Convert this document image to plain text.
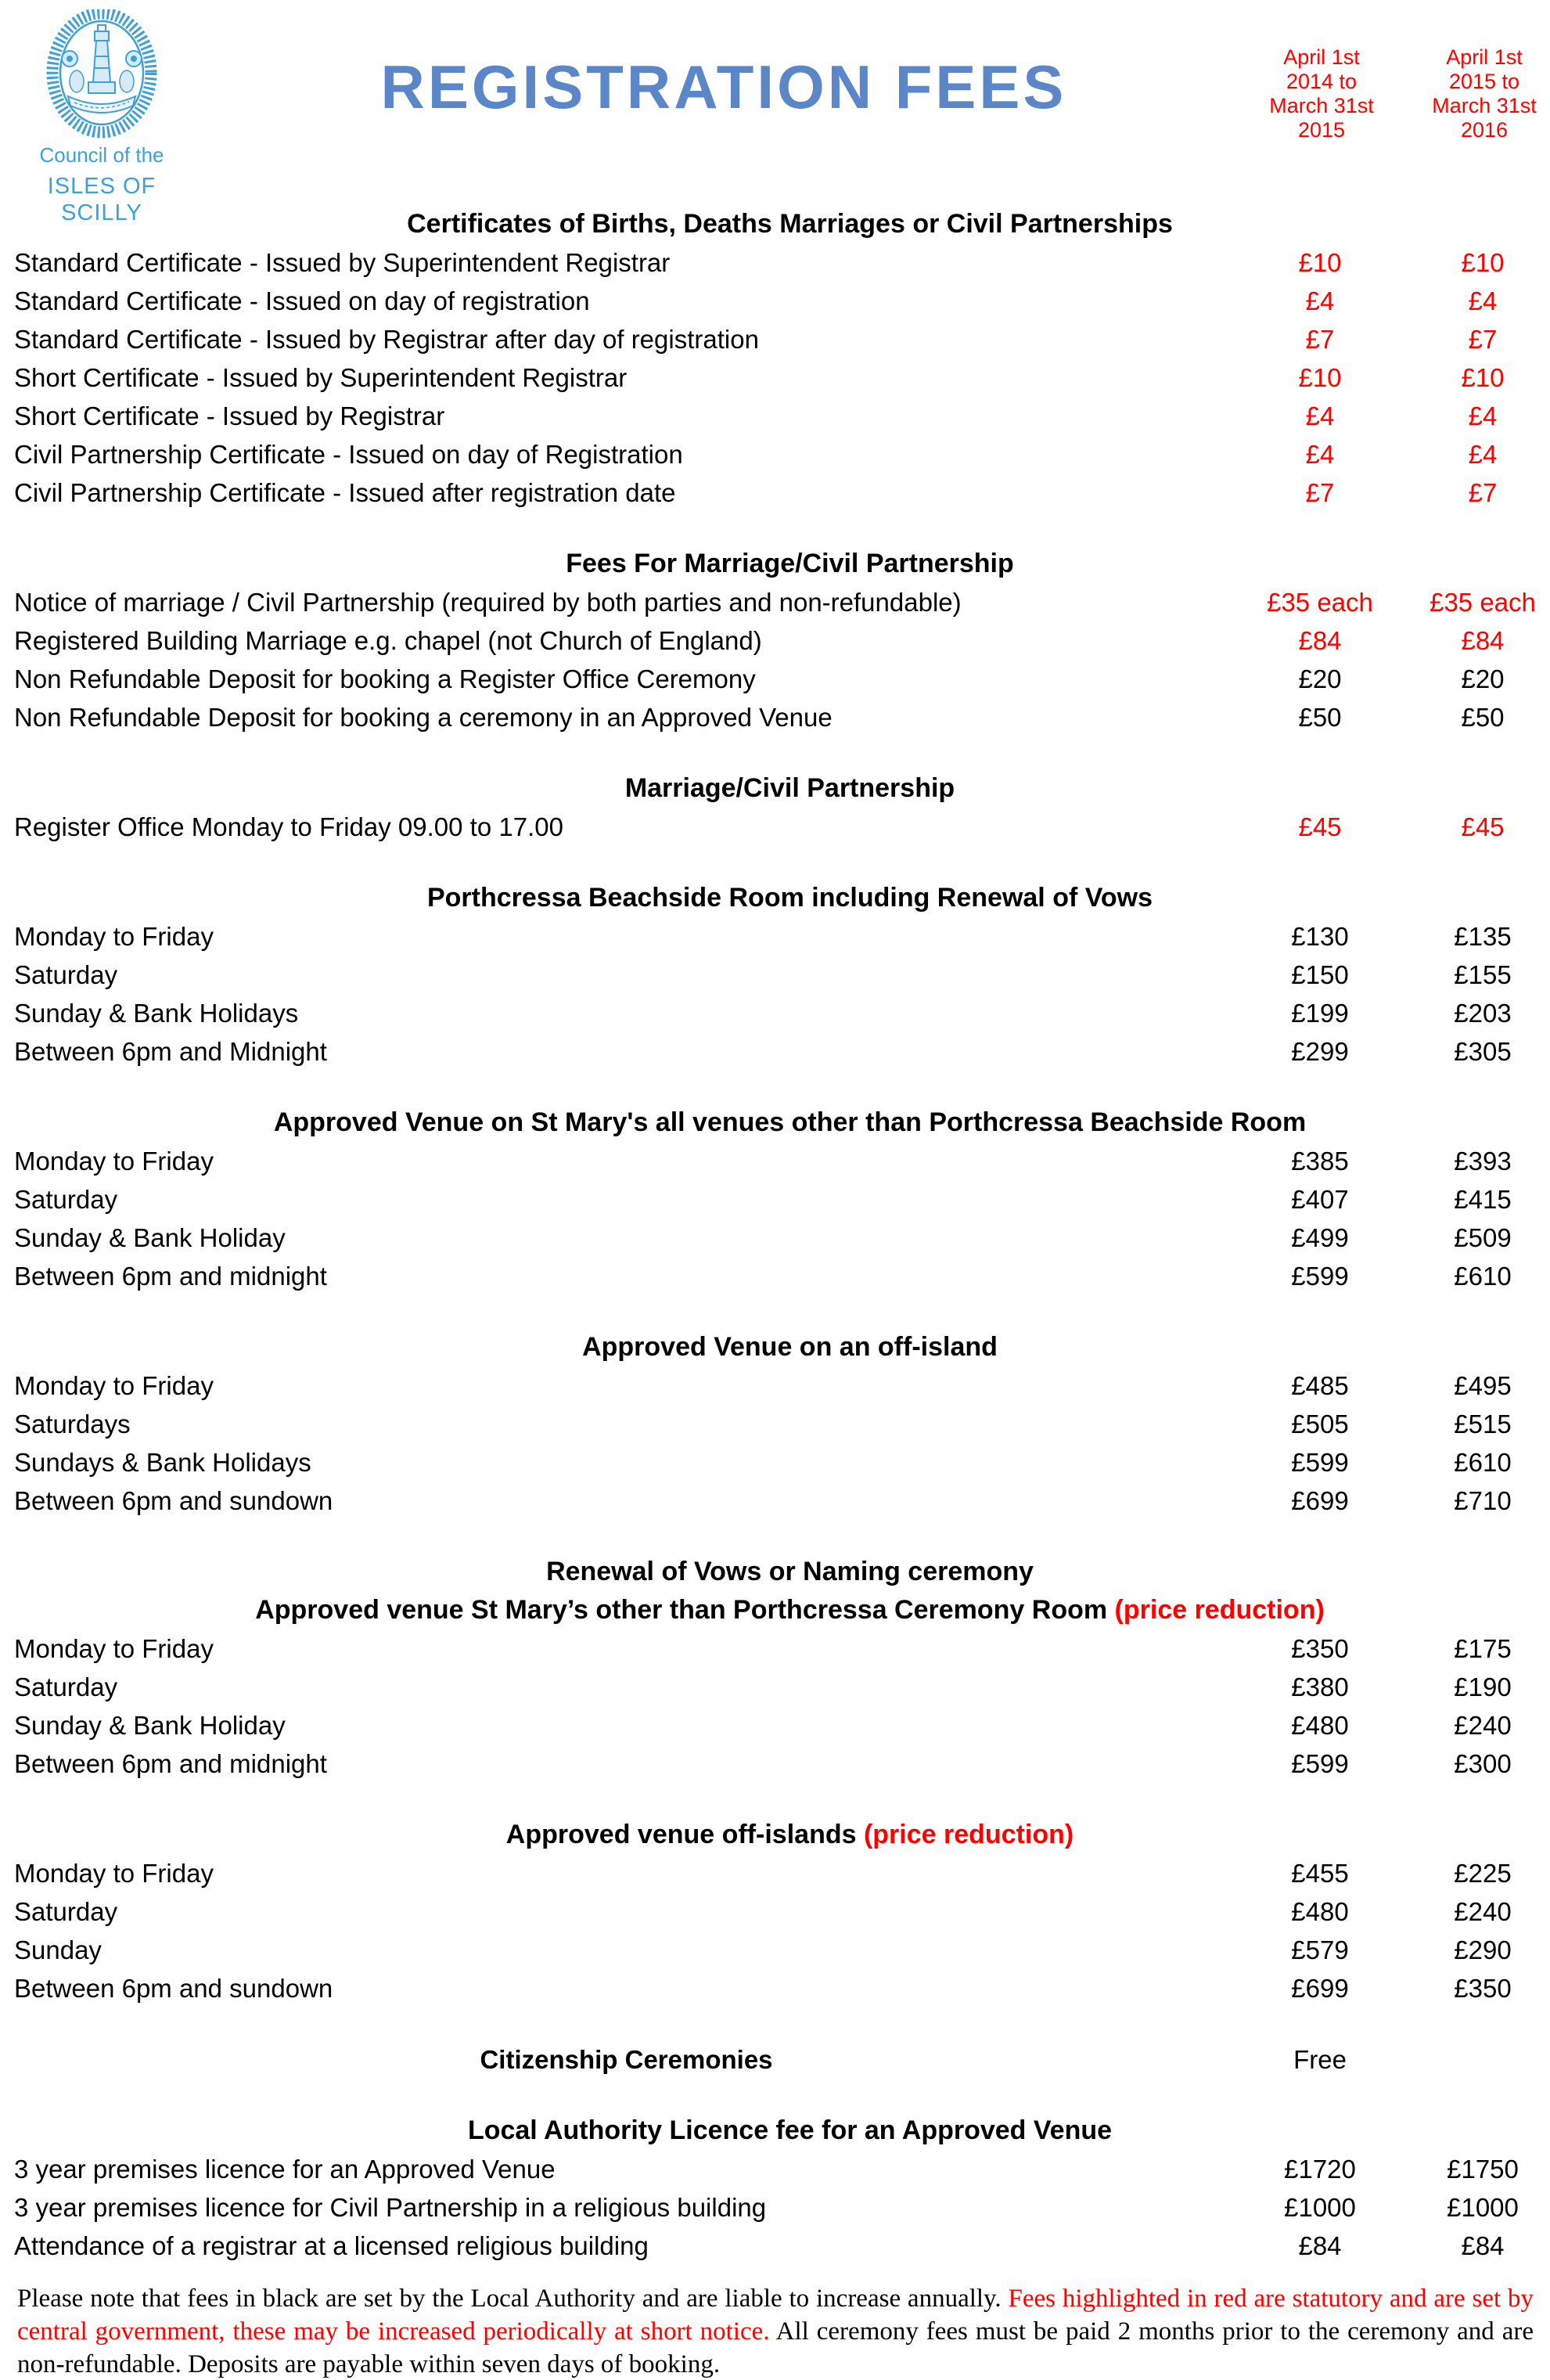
Council of the
ISLES OF SCILLY
REGISTRATION FEES	April 1st
2014 to
March 31st
2015
April 1st
2015 to
March 31st
2016
Certificates of Births, Deaths Marriages or Civil Partnerships
Standard Certificate - Issued by Superintendent Registrar	£10	£10
Standard Certificate - Issued on day of registration	£4	£4
Standard Certificate - Issued by Registrar after day of registration	£7	£7
Short Certificate - Issued by Superintendent Registrar	£10	£10
Short Certificate - Issued by Registrar	£4	£4
Civil Partnership Certificate - Issued on day of Registration	£4	£4
Civil Partnership Certificate - Issued after registration date	£7	£7
Fees For Marriage/Civil Partnership
Notice of marriage / Civil Partnership (required by both parties and non-refundable)	£35 each	£35 each
Registered Building Marriage e.g. chapel (not Church of England)	£84	£84
Non Refundable Deposit for booking a Register Office Ceremony	£20	£20
Non Refundable Deposit for booking a ceremony in an Approved Venue	£50	£50
Marriage/Civil Partnership
Register Office Monday to Friday 09.00 to 17.00	£45	£45
Porthcressa Beachside Room including Renewal of Vows
Monday to Friday	£130	£135
Saturday	£150	£155
Sunday & Bank Holidays	£199	£203
Between 6pm and Midnight	£299	£305
Approved Venue on St Mary's all venues other than Porthcressa Beachside Room
Monday to Friday	£385	£393
Saturday	£407	£415
Sunday & Bank Holiday	£499	£509
Between 6pm and midnight	£599	£610
Approved Venue on an off-island
Monday to Friday	£485	£495
Saturdays	£505	£515
Sundays & Bank Holidays	£599	£610
Between 6pm and sundown	£699	£710
Renewal of Vows or Naming ceremony
Approved venue St Mary’s other than Porthcressa Ceremony Room (price reduction)
Monday to Friday	£350	£175
Saturday	£380	£190
Sunday & Bank Holiday	£480	£240
Between 6pm and midnight	£599	£300
Approved venue off-islands (price reduction)
Monday to Friday	£455	£225
Saturday	£480	£240
Sunday	£579	£290
Between 6pm and sundown	£699	£350
Citizenship Ceremonies	Free
Local Authority Licence fee for an Approved Venue
3 year premises licence for an Approved Venue	£1720	£1750
3 year premises licence for Civil Partnership in a religious building	£1000	£1000
Attendance of a registrar at a licensed religious building	£84	£84
Please note that fees in black are set by the Local Authority and are liable to increase annually. Fees highlighted in red are statutory and are set by central government, these may be increased periodically at short notice. All ceremony fees must be paid 2 months prior to the ceremony and are non-refundable. Deposits are payable within seven days of booking.
